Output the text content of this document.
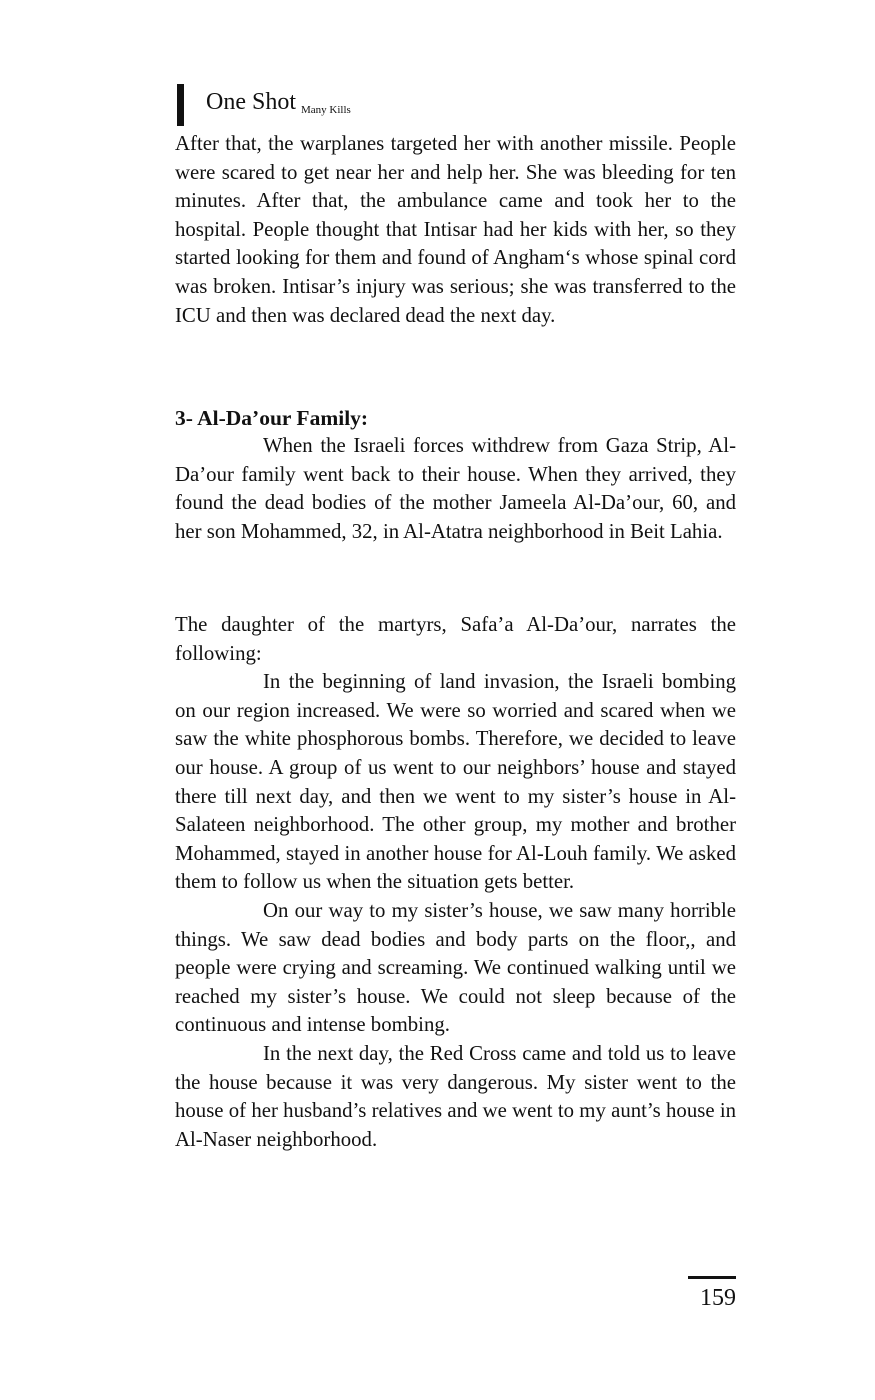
One Shot Many Kills

After that, the warplanes targeted her with another missile. People were scared to get near her and help her. She was bleeding for ten minutes. After that, the ambulance came and took her to the hospital. People thought that Intisar had her kids with her, so they started looking for them and found of Angham‘s whose spinal cord was broken. Intisar’s injury was serious; she was transferred to the ICU and then was declared dead the next day.

3- Al-Da’our Family:

When the Israeli forces withdrew from Gaza Strip, Al-Da’our family went back to their house. When they arrived, they found the dead bodies of the mother Jameela Al-Da’our, 60, and her son Mohammed, 32, in Al-Atatra neighborhood in Beit Lahia.

The daughter of the martyrs, Safa’a Al-Da’our, narrates the following:

In the beginning of land invasion, the Israeli bombing on our region increased. We were so worried and scared when we saw the white phosphorous bombs. Therefore, we decided to leave our house. A group of us went to our neighbors’ house and stayed there till next day, and then we went to my sister’s house in Al-Salateen neighborhood. The other group, my mother and brother Mohammed, stayed in another house for Al-Louh family. We asked them to follow us when the situation gets better.

On our way to my sister’s house, we saw many horrible things. We saw dead bodies and body parts on the floor,, and people were crying and screaming. We continued walking until we reached my sister’s house. We could not sleep because of the continuous and intense bombing.

In the next day, the Red Cross came and told us to leave the house because it was very dangerous. My sister went to the house of her husband’s relatives and we went to my aunt’s house in Al-Naser neighborhood.

159
